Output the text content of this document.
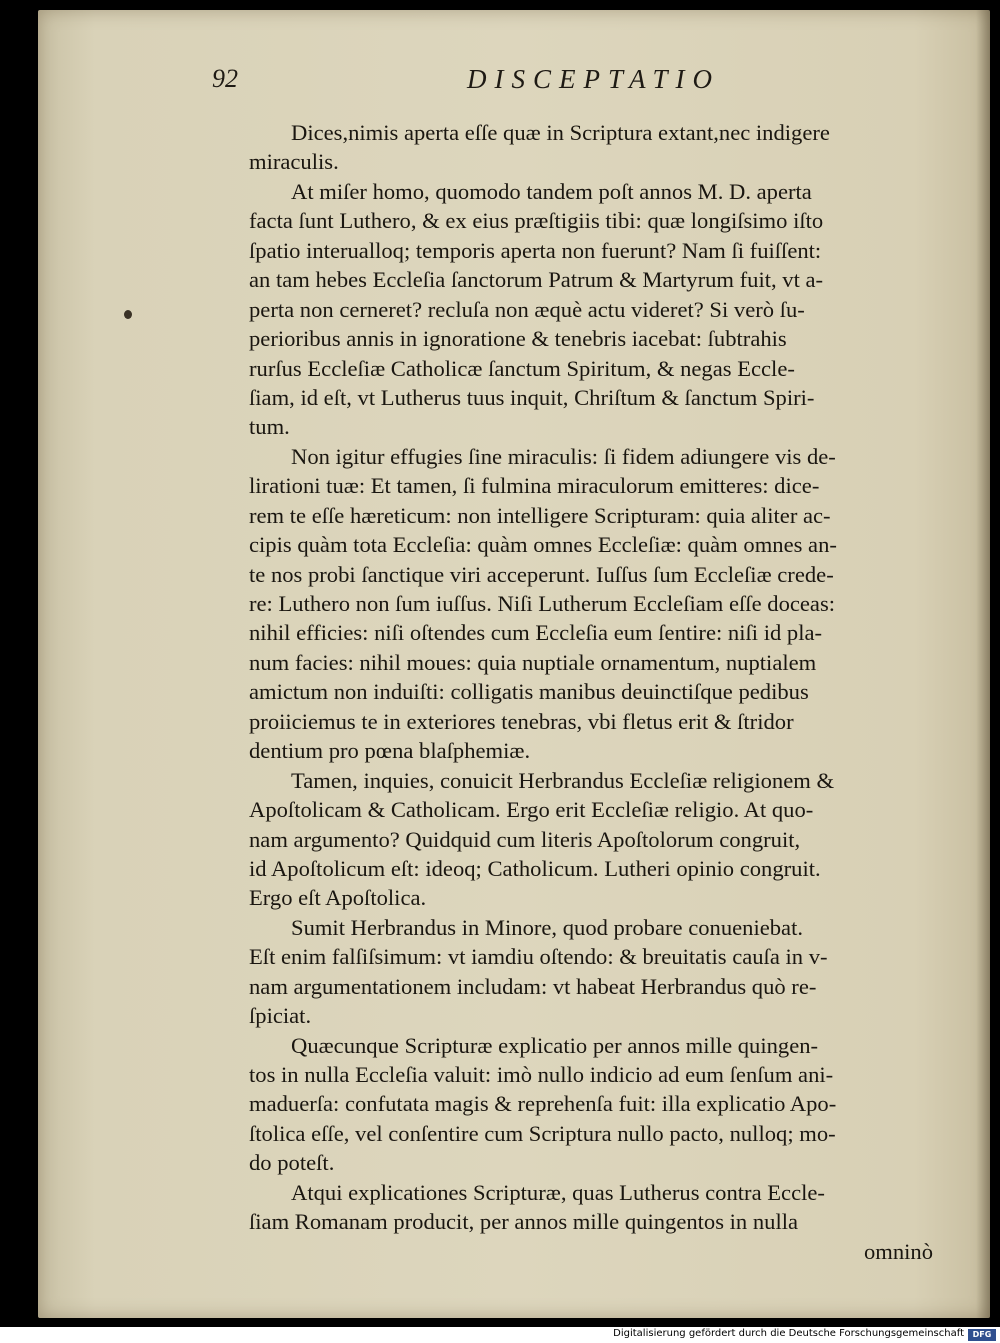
92	DISCEPTATIO
Dices,nimis aperta eſſe quæ in Scriptura extant,nec indigere
miraculis.
At miſer homo, quomodo tandem poſt annos M. D. aperta
facta ſunt Luthero, & ex eius præſtigiis tibi: quæ longiſsimo iſto
ſpatio interualloq; temporis aperta non fuerunt? Nam ſi fuiſſent:
an tam hebes Eccleſia ſanctorum Patrum & Martyrum fuit, vt a-
perta non cerneret? recluſa non æquè actu videret? Si verò ſu-
perioribus annis in ignoratione & tenebris iacebat: ſubtrahis
rurſus Eccleſiæ Catholicæ ſanctum Spiritum, & negas Eccle-
ſiam, id eſt, vt Lutherus tuus inquit, Chriſtum & ſanctum Spiri-
tum.
Non igitur effugies ſine miraculis: ſi fidem adiungere vis de-
lirationi tuæ: Et tamen, ſi fulmina miraculorum emitteres: dice-
rem te eſſe hæreticum: non intelligere Scripturam: quia aliter ac-
cipis quàm tota Eccleſia: quàm omnes Eccleſiæ: quàm omnes an-
te nos probi ſanctique viri acceperunt. Iuſſus ſum Eccleſiæ crede-
re: Luthero non ſum iuſſus. Niſi Lutherum Eccleſiam eſſe doceas:
nihil efficies: niſi oſtendes cum Eccleſia eum ſentire: niſi id pla-
num facies: nihil moues: quia nuptiale ornamentum, nuptialem
amictum non induiſti: colligatis manibus deuinctiſque pedibus
proiiciemus te in exteriores tenebras, vbi fletus erit & ſtridor
dentium pro pœna blaſphemiæ.
Tamen, inquies, conuicit Herbrandus Eccleſiæ religionem &
Apoſtolicam & Catholicam. Ergo erit Eccleſiæ religio. At quo-
nam argumento? Quidquid cum literis Apoſtolorum congruit,
id Apoſtolicum eſt: ideoq; Catholicum. Lutheri opinio congruit.
Ergo eſt Apoſtolica.
Sumit Herbrandus in Minore, quod probare conueniebat.
Eſt enim falſiſsimum: vt iamdiu oſtendo: & breuitatis cauſa in v-
nam argumentationem includam: vt habeat Herbrandus quò re-
ſpiciat.
Quæcunque Scripturæ explicatio per annos mille quingen-
tos in nulla Eccleſia valuit: imò nullo indicio ad eum ſenſum ani-
maduerſa: confutata magis & reprehenſa fuit: illa explicatio Apo-
ſtolica eſſe, vel conſentire cum Scriptura nullo pacto, nulloq; mo-
do poteſt.
Atqui explicationes Scripturæ, quas Lutherus contra Eccle-
ſiam Romanam producit, per annos mille quingentos in nulla
omninò
Digitalisierung gefördert durch die Deutsche Forschungsgemeinschaft	DFG
